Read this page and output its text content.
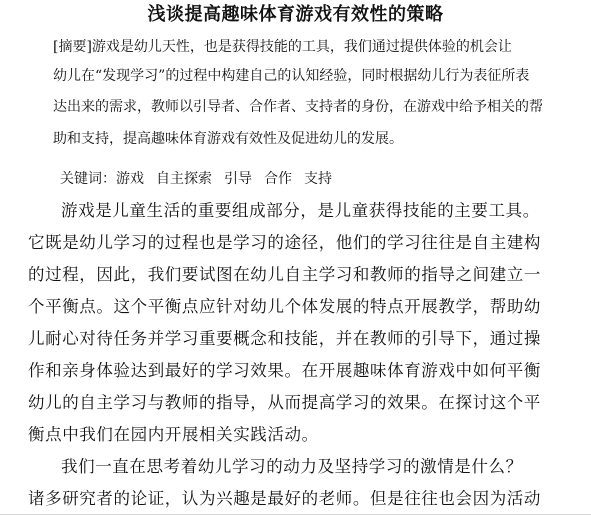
浅谈提高趣味体育游戏有效性的策略
[摘要]游戏是幼儿天性，也是获得技能的工具，我们通过提供体验的机会让
幼儿在“发现学习”的过程中构建自己的认知经验，同时根据幼儿行为表征所表
达出来的需求，教师以引导者、合作者、支持者的身份，在游戏中给予相关的帮
助和支持，提高趣味体育游戏有效性及促进幼儿的发展。
关键词：游戏 自主探索 引导 合作 支持
游戏是儿童生活的重要组成部分，是儿童获得技能的主要工具。
它既是幼儿学习的过程也是学习的途径，他们的学习往往是自主建构
的过程，因此，我们要试图在幼儿自主学习和教师的指导之间建立一
个平衡点。这个平衡点应针对幼儿个体发展的特点开展教学，帮助幼
儿耐心对待任务并学习重要概念和技能，并在教师的引导下，通过操
作和亲身体验达到最好的学习效果。在开展趣味体育游戏中如何平衡
幼儿的自主学习与教师的指导，从而提高学习的效果。在探讨这个平
衡点中我们在园内开展相关实践活动。
我们一直在思考着幼儿学习的动力及坚持学习的激情是什么？
诸多研究者的论证，认为兴趣是最好的老师。但是往往也会因为活动
